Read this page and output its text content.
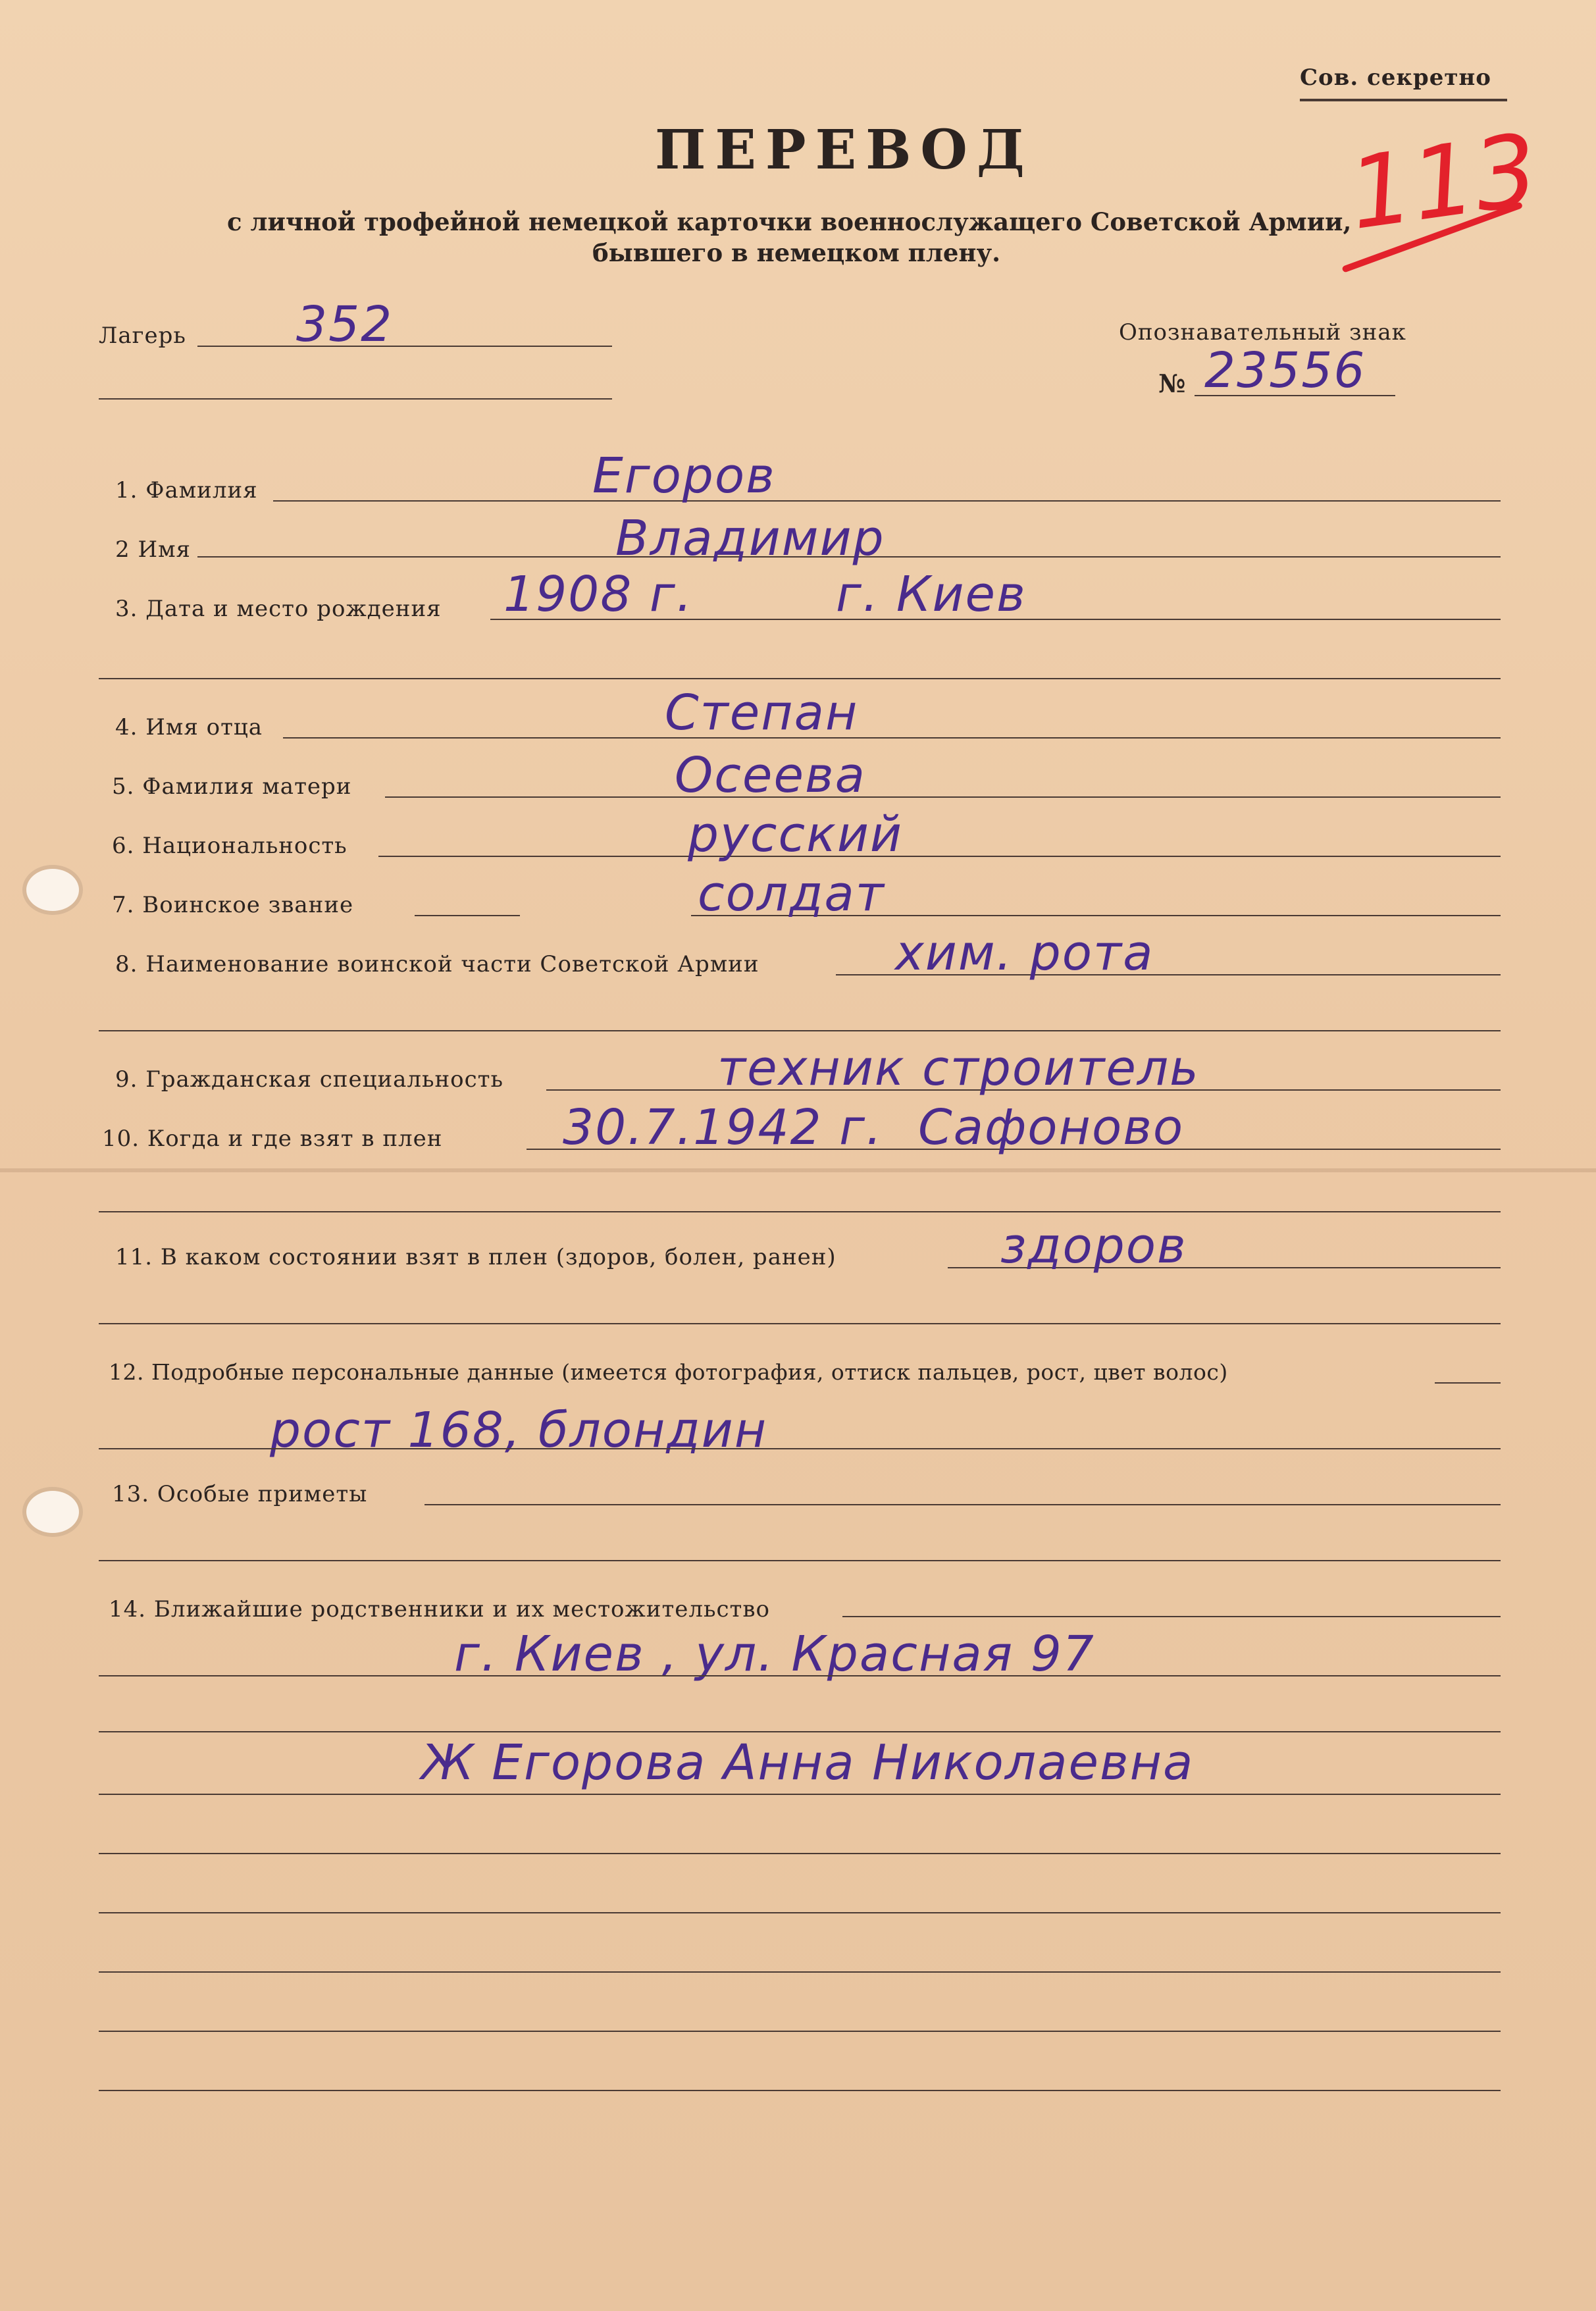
Сов. секретно
ПЕРЕВОД
с личной трофейной немецкой карточки военнослужащего Советской Армии,
бывшего в немецком плену.
113
Лагерь 352	Опознавательный знак
№ 23556
1. Фамилия	Егоров
2 Имя	Владимир
3. Дата и место рождения 1908 г.	г. Киев
4. Имя отца	Степан
5. Фамилия матери	Осеева
6. Национальность	русский
7. Воинское звание	солдат
8. Наименование воинской части Советской Армии	хим. рота
9. Гражданская специальность	техник строитель
10. Когда и где взят в плен 30.7.1942 г. Сафоново
11. В каком состоянии взят в плен (здоров, болен, ранен)	здоров
12. Подробные персональные данные (имеется фотография, оттиск пальцев, рост, цвет волос)
рост 168, блондин
13. Особые приметы
14. Ближайшие родственники и их местожительство
г. Киев , ул. Красная 97
Ж Егорова Анна Николаевна
